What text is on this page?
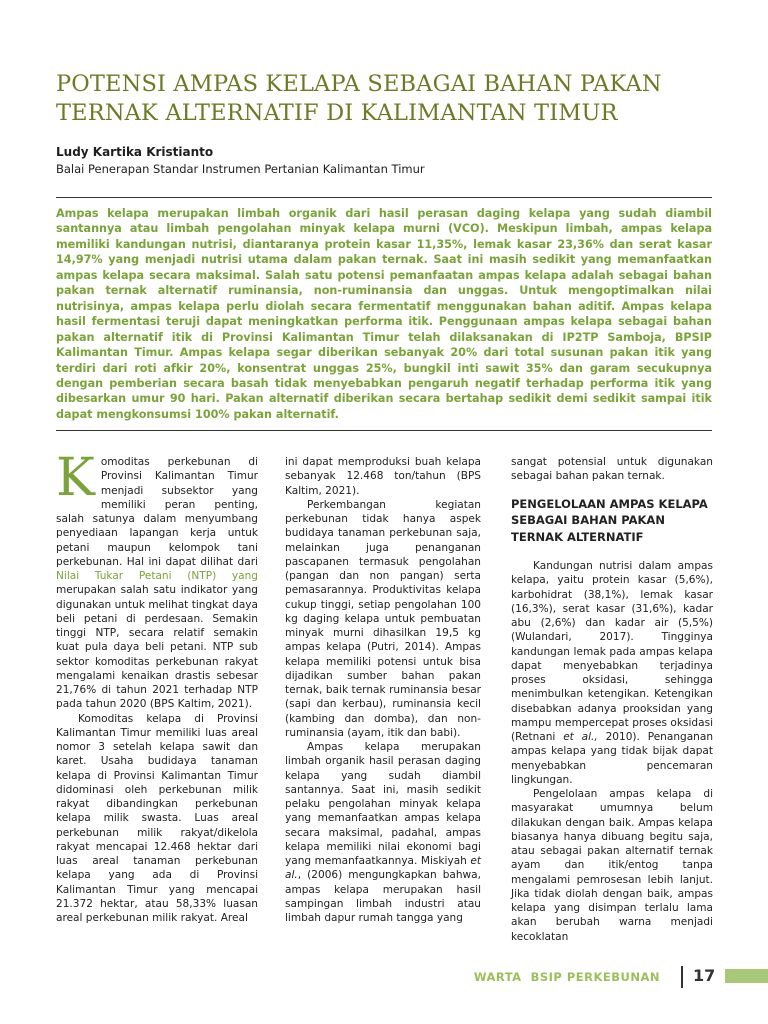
POTENSI AMPAS KELAPA SEBAGAI BAHAN PAKAN TERNAK ALTERNATIF DI KALIMANTAN TIMUR
Ludy Kartika Kristianto
Balai Penerapan Standar Instrumen Pertanian Kalimantan Timur

Ampas kelapa merupakan limbah organik dari hasil perasan daging kelapa yang sudah diambil santannya atau limbah pengolahan minyak kelapa murni (VCO). Meskipun limbah, ampas kelapa memiliki kandungan nutrisi, diantaranya protein kasar 11,35%, lemak kasar 23,36% dan serat kasar 14,97% yang menjadi nutrisi utama dalam pakan ternak. Saat ini masih sedikit yang memanfaatkan ampas kelapa secara maksimal. Salah satu potensi pemanfaatan ampas kelapa adalah sebagai bahan pakan ternak alternatif ruminansia, non-ruminansia dan unggas. Untuk mengoptimalkan nilai nutrisinya, ampas kelapa perlu diolah secara fermentatif menggunakan bahan aditif. Ampas kelapa hasil fermentasi teruji dapat meningkatkan performa itik. Penggunaan ampas kelapa sebagai bahan pakan alternatif itik di Provinsi Kalimantan Timur telah dilaksanakan di IP2TP Samboja, BPSIP Kalimantan Timur. Ampas kelapa segar diberikan sebanyak 20% dari total susunan pakan itik yang terdiri dari roti afkir 20%, konsentrat unggas 25%, bungkil inti sawit 35% dan garam secukupnya dengan pemberian secara basah tidak menyebabkan pengaruh negatif terhadap performa itik yang dibesarkan umur 90 hari. Pakan alternatif diberikan secara bertahap sedikit demi sedikit sampai itik dapat mengkonsumsi 100% pakan alternatif.

Komoditas perkebunan di Provinsi Kalimantan Timur menjadi subsektor yang memiliki peran penting, salah satunya dalam menyumbang penyediaan lapangan kerja untuk petani maupun kelompok tani perkebunan. Hal ini dapat dilihat dari Nilai Tukar Petani (NTP) yang merupakan salah satu indikator yang digunakan untuk melihat tingkat daya beli petani di perdesaan. Semakin tinggi NTP, secara relatif semakin kuat pula daya beli petani. NTP sub sektor komoditas perkebunan rakyat mengalami kenaikan drastis sebesar 21,76% di tahun 2021 terhadap NTP pada tahun 2020 (BPS Kaltim, 2021).

Komoditas kelapa di Provinsi Kalimantan Timur memiliki luas areal nomor 3 setelah kelapa sawit dan karet. Usaha budidaya tanaman kelapa di Provinsi Kalimantan Timur didominasi oleh perkebunan milik rakyat dibandingkan perkebunan kelapa milik swasta. Luas areal perkebunan milik rakyat/dikelola rakyat mencapai 12.468 hektar dari luas areal tanaman perkebunan kelapa yang ada di Provinsi Kalimantan Timur yang mencapai 21.372 hektar, atau 58,33% luasan areal perkebunan milik rakyat. Areal

ini dapat memproduksi buah kelapa sebanyak 12.468 ton/tahun (BPS Kaltim, 2021).

Perkembangan kegiatan perkebunan tidak hanya aspek budidaya tanaman perkebunan saja, melainkan juga penanganan pascapanen termasuk pengolahan (pangan dan non pangan) serta pemasarannya. Produktivitas kelapa cukup tinggi, setiap pengolahan 100 kg daging kelapa untuk pembuatan minyak murni dihasilkan 19,5 kg ampas kelapa (Putri, 2014). Ampas kelapa memiliki potensi untuk bisa dijadikan sumber bahan pakan ternak, baik ternak ruminansia besar (sapi dan kerbau), ruminansia kecil (kambing dan domba), dan non-ruminansia (ayam, itik dan babi).

Ampas kelapa merupakan limbah organik hasil perasan daging kelapa yang sudah diambil santannya. Saat ini, masih sedikit pelaku pengolahan minyak kelapa yang memanfaatkan ampas kelapa secara maksimal, padahal, ampas kelapa memiliki nilai ekonomi bagi yang memanfaatkannya. Miskiyah et al., (2006) mengungkapkan bahwa, ampas kelapa merupakan hasil sampingan limbah industri atau limbah dapur rumah tangga yang

sangat potensial untuk digunakan sebagai bahan pakan ternak.

PENGELOLAAN AMPAS KELAPA SEBAGAI BAHAN PAKAN TERNAK ALTERNATIF

Kandungan nutrisi dalam ampas kelapa, yaitu protein kasar (5,6%), karbohidrat (38,1%), lemak kasar (16,3%), serat kasar (31,6%), kadar abu (2,6%) dan kadar air (5,5%) (Wulandari, 2017). Tingginya kandungan lemak pada ampas kelapa dapat menyebabkan terjadinya proses oksidasi, sehingga menimbulkan ketengikan. Ketengikan disebabkan adanya prooksidan yang mampu mempercepat proses oksidasi (Retnani et al., 2010). Penanganan ampas kelapa yang tidak bijak dapat menyebabkan pencemaran lingkungan.

Pengelolaan ampas kelapa di masyarakat umumnya belum dilakukan dengan baik. Ampas kelapa biasanya hanya dibuang begitu saja, atau sebagai pakan alternatif ternak ayam dan itik/entog tanpa mengalami pemrosesan lebih lanjut. Jika tidak diolah dengan baik, ampas kelapa yang disimpan terlalu lama akan berubah warna menjadi kecoklatan

WARTA  BSIP PERKEBUNAN 17
